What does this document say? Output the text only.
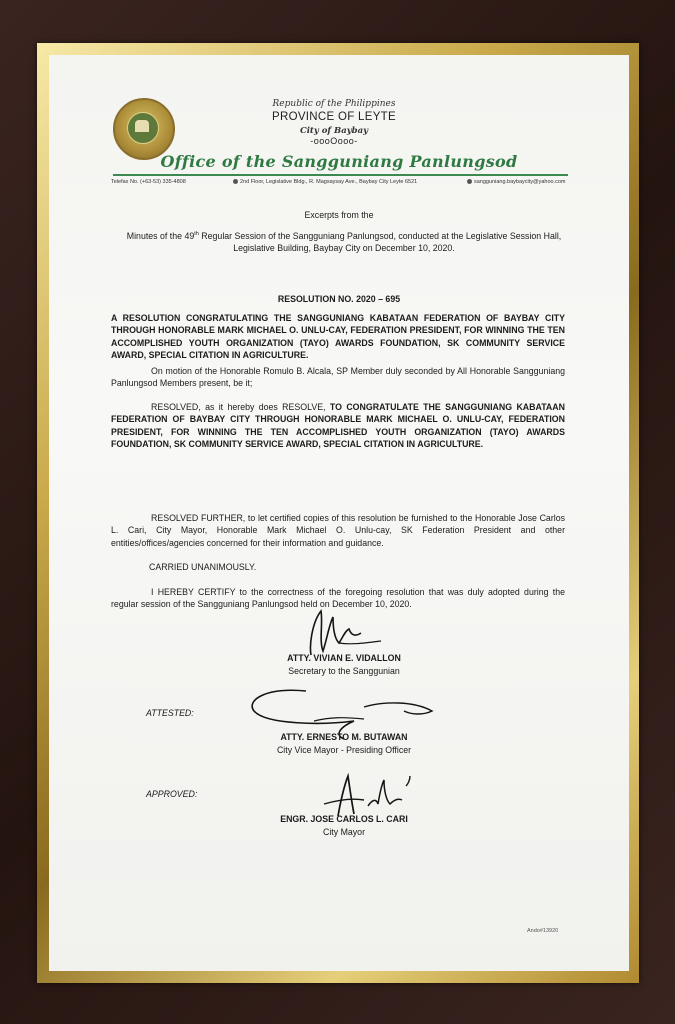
Republic of the Philippines
PROVINCE OF LEYTE
City of Baybay
-oooOooo-
Office of the Sangguniang Panlungsod
Telefax No. (+63-53) 335-4808	2nd Floor, Legislative Bldg., R. Magsaysay Ave., Baybay City Leyte 6521	sangguniang.baybaycity@yahoo.com
Excerpts from the
Minutes of the 49th Regular Session of the Sangguniang Panlungsod, conducted at the Legislative Session Hall, Legislative Building, Baybay City on December 10, 2020.
RESOLUTION NO. 2020 – 695
A RESOLUTION CONGRATULATING THE SANGGUNIANG KABATAAN FEDERATION OF BAYBAY CITY THROUGH HONORABLE MARK MICHAEL O. UNLU-CAY, FEDERATION PRESIDENT, FOR WINNING THE TEN ACCOMPLISHED YOUTH ORGANIZATION (TAYO) AWARDS FOUNDATION, SK COMMUNITY SERVICE AWARD, SPECIAL CITATION IN AGRICULTURE.
On motion of the Honorable Romulo B. Alcala, SP Member duly seconded by All Honorable Sangguniang Panlungsod Members present, be it;
RESOLVED, as it hereby does RESOLVE, TO CONGRATULATE THE SANGGUNIANG KABATAAN FEDERATION OF BAYBAY CITY THROUGH HONORABLE MARK MICHAEL O. UNLU-CAY, FEDERATION PRESIDENT, FOR WINNING THE TEN ACCOMPLISHED YOUTH ORGANIZATION (TAYO) AWARDS FOUNDATION, SK COMMUNITY SERVICE AWARD, SPECIAL CITATION IN AGRICULTURE.
RESOLVED FURTHER, to let certified copies of this resolution be furnished to the Honorable Jose Carlos L. Cari, City Mayor, Honorable Mark Michael O. Unlu-cay, SK Federation President and other entities/offices/agencies concerned for their information and guidance.
CARRIED UNANIMOUSLY.
I HEREBY CERTIFY to the correctness of the foregoing resolution that was duly adopted during the regular session of the Sangguniang Panlungsod held on December 10, 2020.
ATTY. VIVIAN E. VIDALLON
Secretary to the Sanggunian
ATTESTED:
ATTY. ERNESTO M. BUTAWAN
City Vice Mayor - Presiding Officer
APPROVED:
ENGR. JOSE CARLOS L. CARI
City Mayor
Ando#13920
